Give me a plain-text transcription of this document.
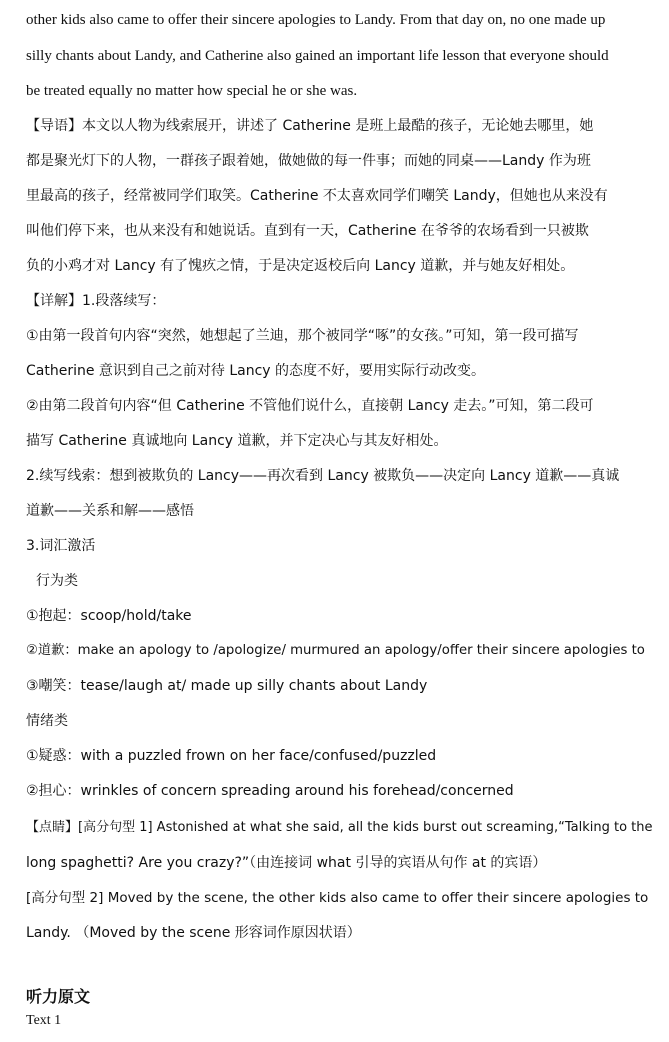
other kids also came to offer their sincere apologies to Landy. From that day on, no one made up
silly chants about Landy, and Catherine also gained an important life lesson that everyone should
be treated equally no matter how special he or she was.
【导语】本文以人物为线索展开，讲述了 Catherine 是班上最酷的孩子，无论她去哪里，她
都是聚光灯下的人物，一群孩子跟着她，做她做的每一件事；而她的同桌——Landy 作为班
里最高的孩子，经常被同学们取笑。Catherine 不太喜欢同学们嘲笑 Landy，但她也从来没有
叫他们停下来，也从来没有和她说话。直到有一天，Catherine 在爷爷的农场看到一只被欺
负的小鸡才对 Lancy 有了愧疚之情，于是决定返校后向 Lancy 道歉，并与她友好相处。
【详解】1.段落续写：
①由第一段首句内容“突然，她想起了兰迪，那个被同学“啄”的女孩。”可知，第一段可描写
Catherine 意识到自己之前对待 Lancy 的态度不好，要用实际行动改变。
②由第二段首句内容“但 Catherine 不管他们说什么，直接朝 Lancy 走去。”可知，第二段可
描写 Catherine 真诚地向 Lancy 道歉，并下定决心与其友好相处。
2.续写线索：想到被欺负的 Lancy——再次看到 Lancy 被欺负——决定向 Lancy 道歉——真诚
道歉——关系和解——感悟
3.词汇激活
行为类
①抱起：scoop/hold/take
②道歉：make an apology to /apologize/ murmured an apology/offer their sincere apologies to
③嘲笑：tease/laugh at/ made up silly chants about Landy
情绪类
①疑惑：with a puzzled frown on her face/confused/puzzled
②担心：wrinkles of concern spreading around his forehead/concerned
【点睛】[高分句型 1] Astonished at what she said, all the kids burst out screaming,“Talking to the
long spaghetti? Are you crazy?”（由连接词 what 引导的宾语从句作 at 的宾语）
[高分句型 2] Moved by the scene, the other kids also came to offer their sincere apologies to
Landy. （Moved by the scene 形容词作原因状语）
听力原文
Text 1
